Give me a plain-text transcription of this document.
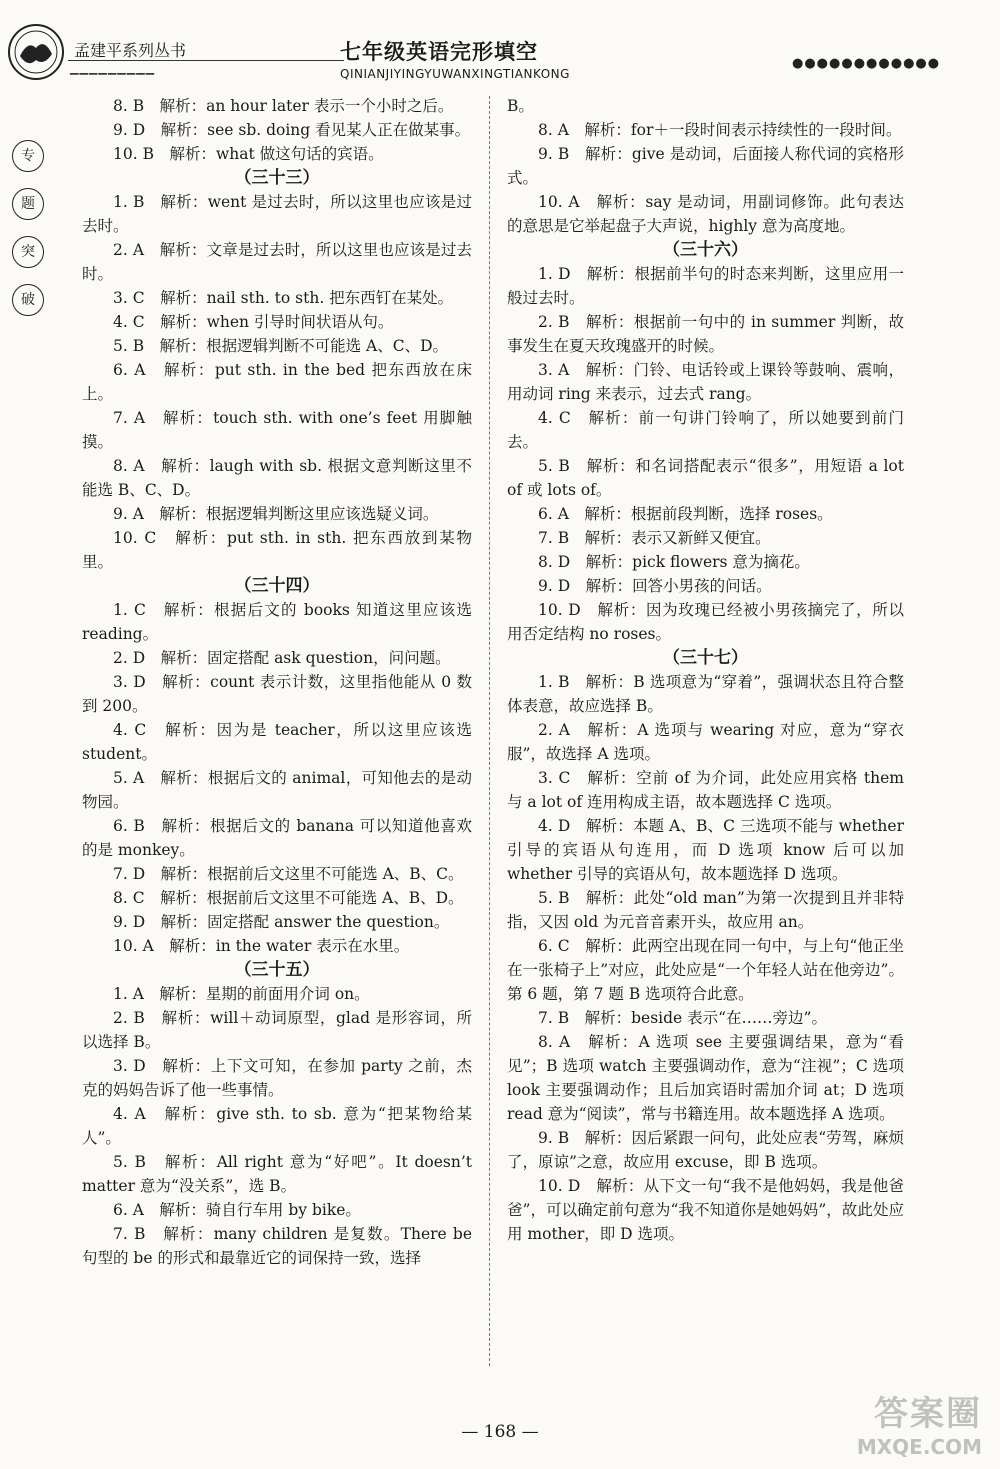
孟建平系列丛书
▁▁▁▁▁▁▁▁▁
七年级英语完形填空
QINIANJIYINGYUWANXINGTIANKONG
●●●●●●●●●●●●
专
题
突
破

8. B　解析：an hour later 表示一个小时之后。

9. D　解析：see sb. doing 看见某人正在做某事。

10. B　解析：what 做这句话的宾语。

（三十三）

1. B　解析：went 是过去时，所以这里也应该是过去时。

2. A　解析：文章是过去时，所以这里也应该是过去时。

3. C　解析：nail sth. to sth. 把东西钉在某处。

4. C　解析：when 引导时间状语从句。

5. B　解析：根据逻辑判断不可能选 A、C、D。

6. A　解析：put sth. in the bed 把东西放在床上。

7. A　解析：touch sth. with one’s feet 用脚触摸。

8. A　解析：laugh with sb. 根据文意判断这里不能选 B、C、D。

9. A　解析：根据逻辑判断这里应该选疑义词。

10. C　解析：put sth. in sth. 把东西放到某物里。

（三十四）

1. C　解析：根据后文的 books 知道这里应该选 reading。

2. D　解析：固定搭配 ask question，问问题。

3. D　解析：count 表示计数，这里指他能从 0 数到 200。

4. C　解析：因为是 teacher，所以这里应该选 student。

5. A　解析：根据后文的 animal，可知他去的是动物园。

6. B　解析：根据后文的 banana 可以知道他喜欢的是 monkey。

7. D　解析：根据前后文这里不可能选 A、B、C。

8. C　解析：根据前后文这里不可能选 A、B、D。

9. D　解析：固定搭配 answer the question。

10. A　解析：in the water 表示在水里。

（三十五）

1. A　解析：星期的前面用介词 on。

2. B　解析：will＋动词原型，glad 是形容词，所以选择 B。

3. D　解析：上下文可知，在参加 party 之前，杰克的妈妈告诉了他一些事情。

4. A　解析：give sth. to sb. 意为“把某物给某人”。

5. B　解析：All right 意为“好吧”。It doesn’t matter 意为“没关系”，选 B。

6. A　解析：骑自行车用 by bike。

7. B　解析：many children 是复数。There be 句型的 be 的形式和最靠近它的词保持一致，选择

B。

8. A　解析：for＋一段时间表示持续性的一段时间。

9. B　解析：give 是动词，后面接人称代词的宾格形式。

10. A　解析：say 是动词，用副词修饰。此句表达的意思是它举起盘子大声说，highly 意为高度地。

（三十六）

1. D　解析：根据前半句的时态来判断，这里应用一般过去时。

2. B　解析：根据前一句中的 in summer 判断，故事发生在夏天玫瑰盛开的时候。

3. A　解析：门铃、电话铃或上课铃等鼓响、震响，用动词 ring 来表示，过去式 rang。

4. C　解析：前一句讲门铃响了，所以她要到前门去。

5. B　解析：和名词搭配表示“很多”，用短语 a lot of 或 lots of。

6. A　解析：根据前段判断，选择 roses。

7. B　解析：表示又新鲜又便宜。

8. D　解析：pick flowers 意为摘花。

9. D　解析：回答小男孩的问话。

10. D　解析：因为玫瑰已经被小男孩摘完了，所以用否定结构 no roses。

（三十七）

1. B　解析：B 选项意为“穿着”，强调状态且符合整体表意，故应选择 B。

2. A　解析：A 选项与 wearing 对应，意为“穿衣服”，故选择 A 选项。

3. C　解析：空前 of 为介词，此处应用宾格 them 与 a lot of 连用构成主语，故本题选择 C 选项。

4. D　解析：本题 A、B、C 三选项不能与 whether 引导的宾语从句连用，而 D 选项 know 后可以加 whether 引导的宾语从句，故本题选择 D 选项。

5. B　解析：此处“old man”为第一次提到且并非特指，又因 old 为元音音素开头，故应用 an。

6. C　解析：此两空出现在同一句中，与上句“他正坐在一张椅子上”对应，此处应是“一个年轻人站在他旁边”。第 6 题，第 7 题 B 选项符合此意。

7. B　解析：beside 表示“在……旁边”。

8. A　解析：A 选项 see 主要强调结果，意为“看见”；B 选项 watch 主要强调动作，意为“注视”；C 选项 look 主要强调动作；且后加宾语时需加介词 at；D 选项 read 意为“阅读”，常与书籍连用。故本题选择 A 选项。

9. B　解析：因后紧跟一问句，此处应表“劳驾，麻烦了，原谅”之意，故应用 excuse，即 B 选项。

10. D　解析：从下文一句“我不是他妈妈，我是他爸爸”，可以确定前句意为“我不知道你是她妈妈”，故此处应用 mother，即 D 选项。

— 168 —	答案圈
MXQE.COM
